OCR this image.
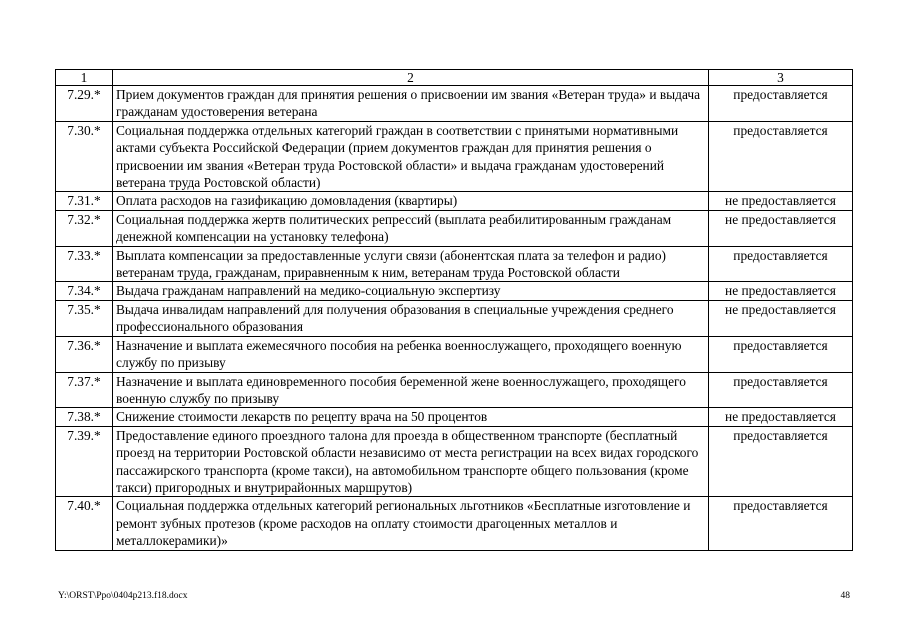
1	2	3
7.29.*	Прием документов граждан для принятия решения о присвоении им звания «Ветеран труда» и выдача гражданам удостоверения ветерана	предоставляется
7.30.*	Социальная поддержка отдельных категорий граждан в соответствии с принятыми нормативными актами субъекта Российской Федерации (прием документов граждан для принятия решения о присвоении им звания «Ветеран труда Ростовской области» и выдача гражданам удостоверений ветерана труда Ростовской области)	предоставляется
7.31.*	Оплата расходов на газификацию домовладения (квартиры)	не предоставляется
7.32.*	Социальная поддержка жертв политических репрессий (выплата реабилитированным гражданам денежной компенсации на установку телефона)	не предоставляется
7.33.*	Выплата компенсации за предоставленные услуги связи (абонентская плата за телефон и радио) ветеранам труда, гражданам, приравненным к ним, ветеранам труда Ростовской области	предоставляется
7.34.*	Выдача гражданам направлений на медико-социальную экспертизу	не предоставляется
7.35.*	Выдача инвалидам направлений для получения образования в специальные учреждения среднего профессионального образования	не предоставляется
7.36.*	Назначение и выплата ежемесячного пособия на ребенка военнослужащего, проходящего военную службу по призыву	предоставляется
7.37.*	Назначение и выплата единовременного пособия беременной жене военнослужащего, проходящего военную службу по призыву	предоставляется
7.38.*	Снижение стоимости лекарств по рецепту врача на 50 процентов	не предоставляется
7.39.*	Предоставление единого проездного талона для проезда в общественном транспорте (бесплатный проезд на территории Ростовской области независимо от места регистрации на всех видах городского пассажирского транспорта (кроме такси), на автомобильном транспорте общего пользования (кроме такси) пригородных и внутрирайонных маршрутов)	предоставляется
7.40.*	Социальная поддержка отдельных категорий региональных льготников «Бесплатные изготовление и ремонт зубных протезов (кроме расходов на оплату стоимости драгоценных металлов и металлокерамики)»	предоставляется
Y:\ORST\Ppo\0404p213.f18.docx	48
